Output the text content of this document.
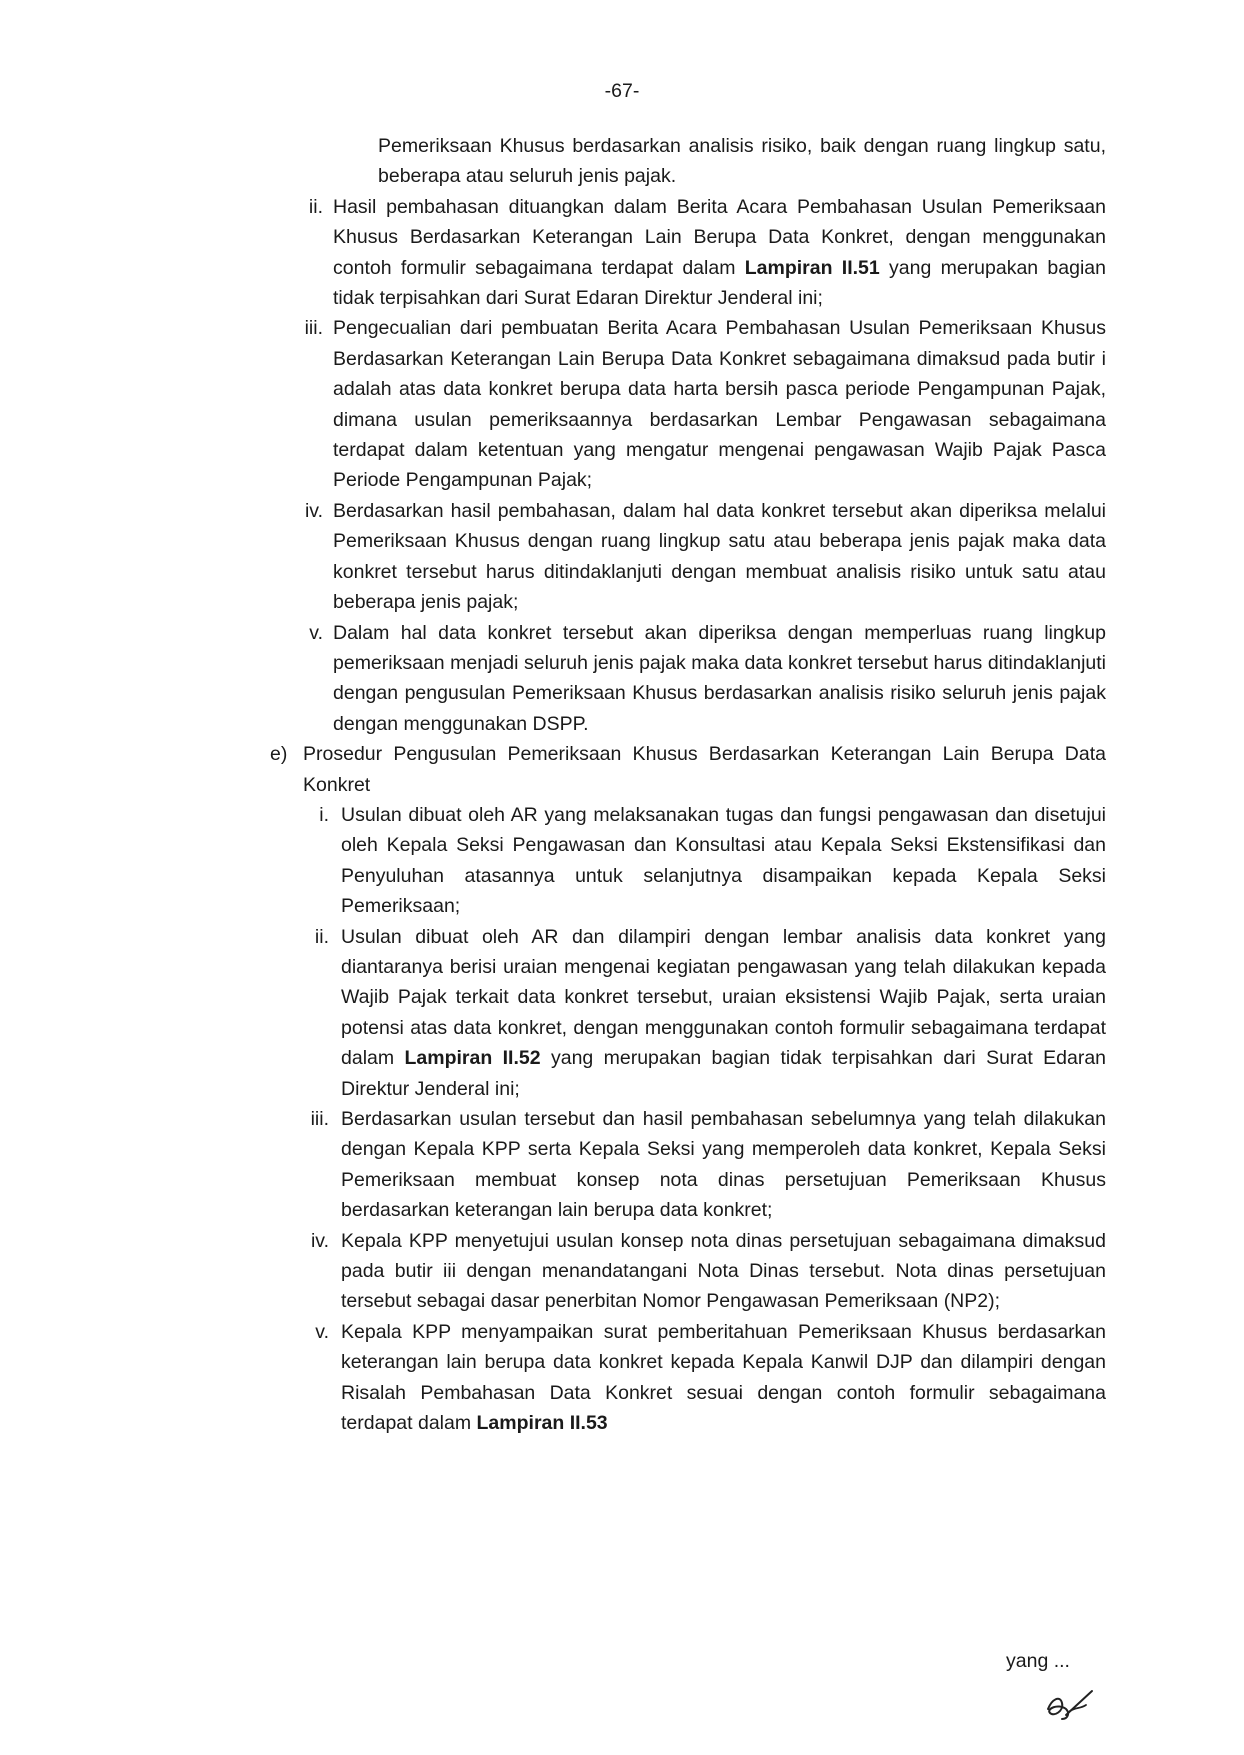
-67-
Pemeriksaan Khusus berdasarkan analisis risiko, baik dengan ruang lingkup satu, beberapa atau seluruh jenis pajak.
ii. Hasil pembahasan dituangkan dalam Berita Acara Pembahasan Usulan Pemeriksaan Khusus Berdasarkan Keterangan Lain Berupa Data Konkret, dengan menggunakan contoh formulir sebagaimana terdapat dalam Lampiran II.51 yang merupakan bagian tidak terpisahkan dari Surat Edaran Direktur Jenderal ini;
iii. Pengecualian dari pembuatan Berita Acara Pembahasan Usulan Pemeriksaan Khusus Berdasarkan Keterangan Lain Berupa Data Konkret sebagaimana dimaksud pada butir i adalah atas data konkret berupa data harta bersih pasca periode Pengampunan Pajak, dimana usulan pemeriksaannya berdasarkan Lembar Pengawasan sebagaimana terdapat dalam ketentuan yang mengatur mengenai pengawasan Wajib Pajak Pasca Periode Pengampunan Pajak;
iv. Berdasarkan hasil pembahasan, dalam hal data konkret tersebut akan diperiksa melalui Pemeriksaan Khusus dengan ruang lingkup satu atau beberapa jenis pajak maka data konkret tersebut harus ditindaklanjuti dengan membuat analisis risiko untuk satu atau beberapa jenis pajak;
v. Dalam hal data konkret tersebut akan diperiksa dengan memperluas ruang lingkup pemeriksaan menjadi seluruh jenis pajak maka data konkret tersebut harus ditindaklanjuti dengan pengusulan Pemeriksaan Khusus berdasarkan analisis risiko seluruh jenis pajak dengan menggunakan DSPP.
e) Prosedur Pengusulan Pemeriksaan Khusus Berdasarkan Keterangan Lain Berupa Data Konkret
i. Usulan dibuat oleh AR yang melaksanakan tugas dan fungsi pengawasan dan disetujui oleh Kepala Seksi Pengawasan dan Konsultasi atau Kepala Seksi Ekstensifikasi dan Penyuluhan atasannya untuk selanjutnya disampaikan kepada Kepala Seksi Pemeriksaan;
ii. Usulan dibuat oleh AR dan dilampiri dengan lembar analisis data konkret yang diantaranya berisi uraian mengenai kegiatan pengawasan yang telah dilakukan kepada Wajib Pajak terkait data konkret tersebut, uraian eksistensi Wajib Pajak, serta uraian potensi atas data konkret, dengan menggunakan contoh formulir sebagaimana terdapat dalam Lampiran II.52 yang merupakan bagian tidak terpisahkan dari Surat Edaran Direktur Jenderal ini;
iii. Berdasarkan usulan tersebut dan hasil pembahasan sebelumnya yang telah dilakukan dengan Kepala KPP serta Kepala Seksi yang memperoleh data konkret, Kepala Seksi Pemeriksaan membuat konsep nota dinas persetujuan Pemeriksaan Khusus berdasarkan keterangan lain berupa data konkret;
iv. Kepala KPP menyetujui usulan konsep nota dinas persetujuan sebagaimana dimaksud pada butir iii dengan menandatangani Nota Dinas tersebut. Nota dinas persetujuan tersebut sebagai dasar penerbitan Nomor Pengawasan Pemeriksaan (NP2);
v. Kepala KPP menyampaikan surat pemberitahuan Pemeriksaan Khusus berdasarkan keterangan lain berupa data konkret kepada Kepala Kanwil DJP dan dilampiri dengan Risalah Pembahasan Data Konkret sesuai dengan contoh formulir sebagaimana terdapat dalam Lampiran II.53
yang ...
